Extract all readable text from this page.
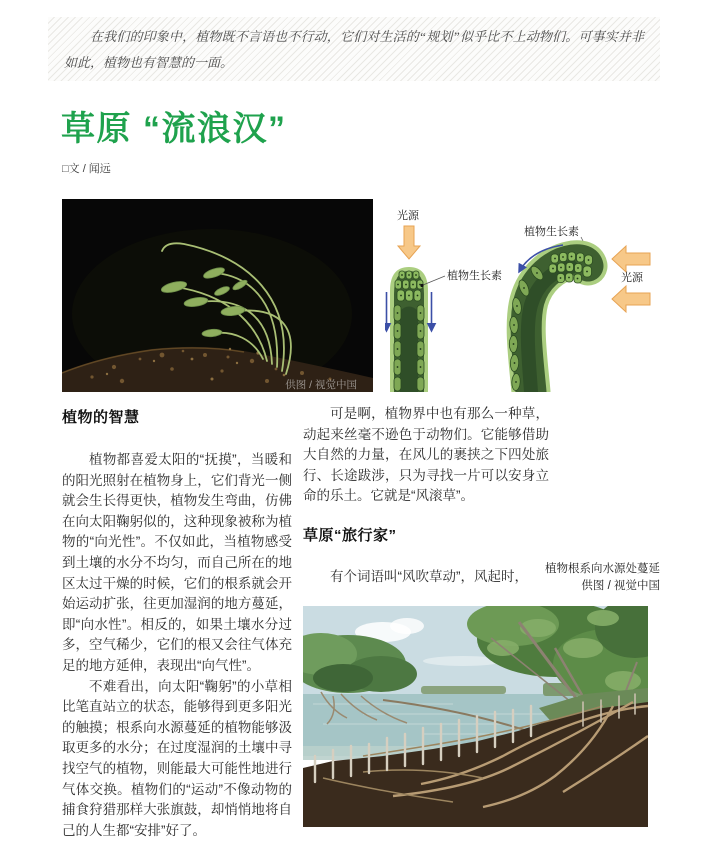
在我们的印象中，植物既不言语也不行动，它们对生活的“规划”似乎比不上动物们。可事实并非如此，植物也有智慧的一面。

草原 “流浪汉”
□文 / 闻远
供图 / 视觉中国
光源
植物生长素
植物生长素
光源
植物的智慧

植物都喜爱太阳的“抚摸”，当暖和的阳光照射在植物身上，它们背光一侧就会生长得更快，植物发生弯曲，仿佛在向太阳鞠躬似的，这种现象被称为植物的“向光性”。不仅如此，当植物感受到土壤的水分不均匀，而自己所在的地区太过干燥的时候，它们的根系就会开始运动扩张，往更加湿润的地方蔓延，即“向水性”。相反的，如果土壤水分过多，空气稀少，它们的根又会往气体充足的地方延伸，表现出“向气性”。

不难看出，向太阳“鞠躬”的小草相比笔直站立的状态，能够得到更多阳光的触摸；根系向水源蔓延的植物能够汲取更多的水分；在过度湿润的土壤中寻找空气的植物，则能最大可能性地进行气体交换。植物们的“运动”不像动物的捕食狩猎那样大张旗鼓，却悄悄地将自己的人生都“安排”好了。

可是啊，植物界中也有那么一种草，动起来丝毫不逊色于动物们。它能够借助大自然的力量，在风儿的裹挟之下四处旅行、长途跋涉，只为寻找一片可以安身立命的乐土。它就是“风滚草”。

草原“旅行家”

有个词语叫“风吹草动”，风起时，	植物根系向水源处蔓延
供图 / 视觉中国
